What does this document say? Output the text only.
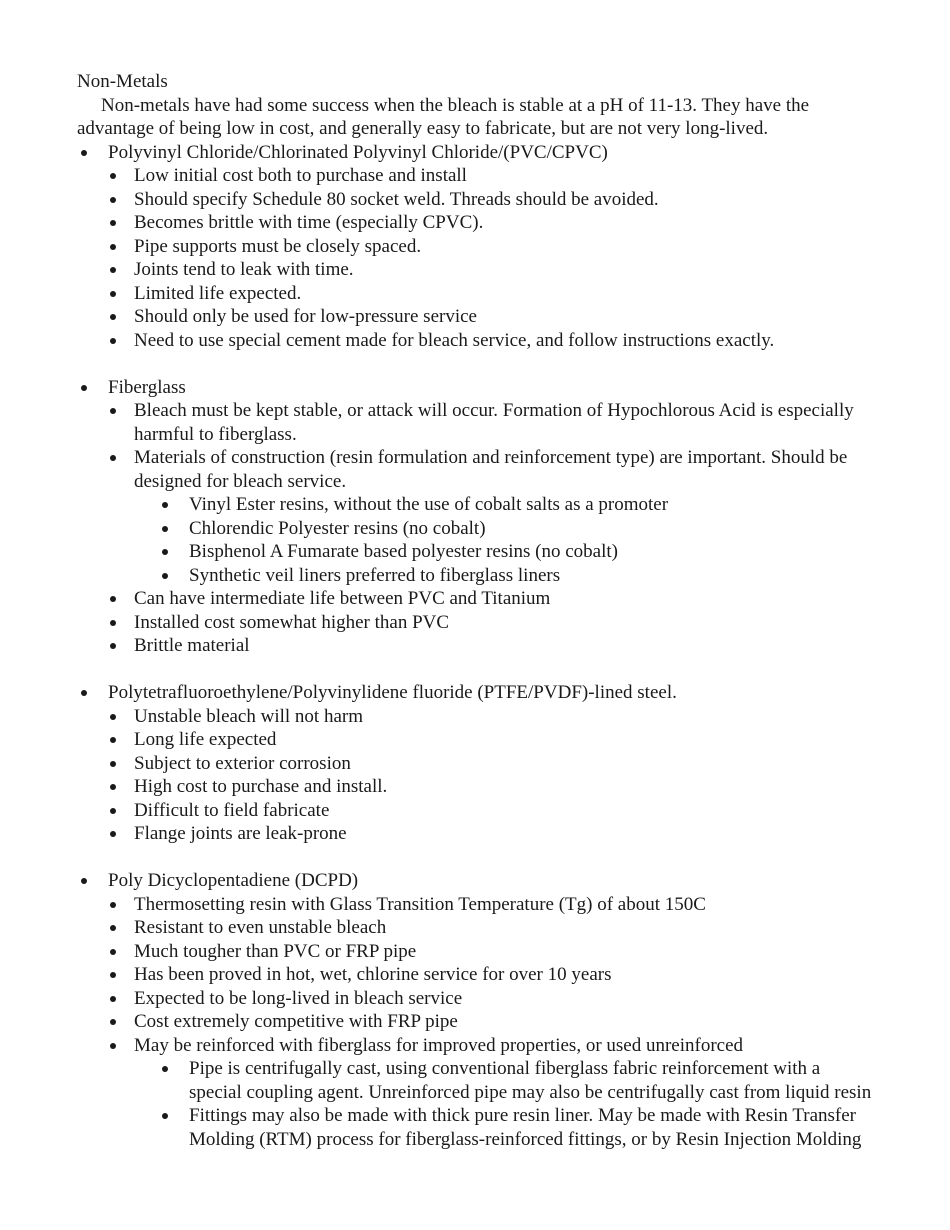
Non-Metals

Non-metals have had some success when the bleach is stable at a pH of 11-13. They have the advantage of being low in cost, and generally easy to fabricate, but are not very long-lived.

Polyvinyl Chloride/Chlorinated Polyvinyl Chloride/(PVC/CPVC)
Low initial cost both to purchase and install
Should specify Schedule 80 socket weld. Threads should be avoided.
Becomes brittle with time (especially CPVC).
Pipe supports must be closely spaced.
Joints tend to leak with time.
Limited life expected.
Should only be used for low-pressure service
Need to use special cement made for bleach service, and follow instructions exactly.
Fiberglass
Bleach must be kept stable, or attack will occur. Formation of Hypochlorous Acid is especially harmful to fiberglass.
Materials of construction (resin formulation and reinforcement type) are important. Should be designed for bleach service.
Vinyl Ester resins, without the use of cobalt salts as a promoter
Chlorendic Polyester resins (no cobalt)
Bisphenol A Fumarate based polyester resins (no cobalt)
Synthetic veil liners preferred to fiberglass liners
Can have intermediate life between PVC and Titanium
Installed cost somewhat higher than PVC
Brittle material
Polytetrafluoroethylene/Polyvinylidene fluoride (PTFE/PVDF)-lined steel.
Unstable bleach will not harm
Long life expected
Subject to exterior corrosion
High cost to purchase and install.
Difficult to field fabricate
Flange joints are leak-prone
Poly Dicyclopentadiene (DCPD)
Thermosetting resin with Glass Transition Temperature (Tg) of about 150C
Resistant to even unstable bleach
Much tougher than PVC or FRP pipe
Has been proved in hot, wet, chlorine service for over 10 years
Expected to be long-lived in bleach service
Cost extremely competitive with FRP pipe
May be reinforced with fiberglass for improved properties, or used unreinforced
Pipe is centrifugally cast, using conventional fiberglass fabric reinforcement with a special coupling agent. Unreinforced pipe may also be centrifugally cast from liquid resin
Fittings may also be made with thick pure resin liner. May be made with Resin Transfer Molding (RTM) process for fiberglass-reinforced fittings, or by Resin Injection Molding
